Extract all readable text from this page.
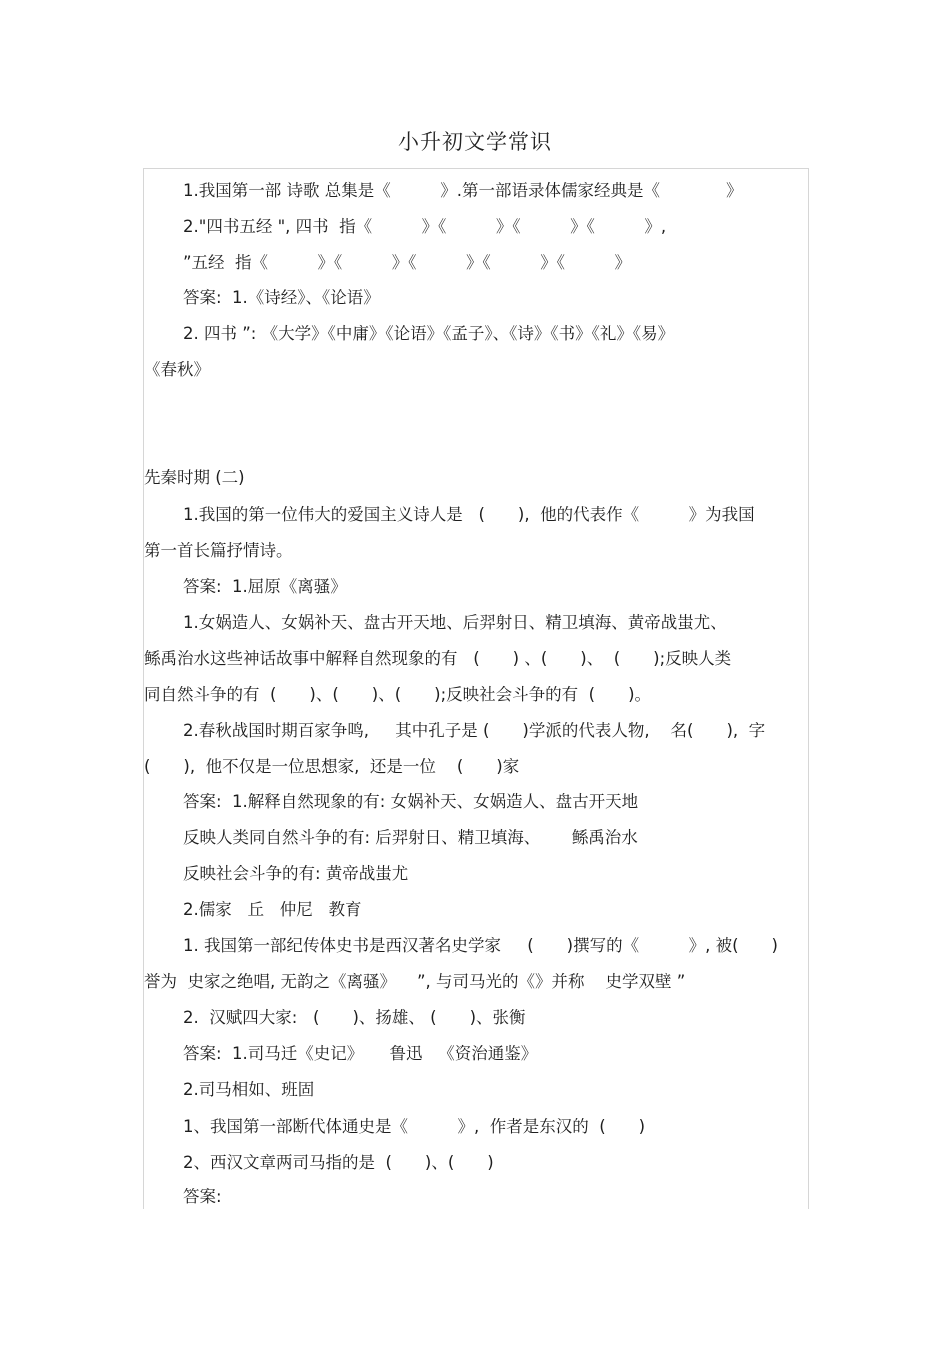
小升初文学常识
1.我国第一部 诗歌 总集是《　　　》.第一部语录体儒家经典是《　　　　》
2."四书五经 ", 四书  指《　　　》《　　　》《　　　》《　　　》,
”五经  指《　　　》《　　　》《　　　》《　　　》《　　　》
答案:  1.《诗经》、《论语》
2. 四书 ”: 《大学》《中庸》《论语》《孟子》、《诗》《书》《礼》《易》
《春秋》
先秦时期 (二)
1.我国的第一位伟大的爱国主义诗人是   (　　),  他的代表作《　　　》为我国
第一首长篇抒情诗。
答案:  1.屈原《离骚》
1.女娲造人、女娲补天、盘古开天地、后羿射日、精卫填海、黄帝战蚩尤、
鲧禹治水这些神话故事中解释自然现象的有   (　　) 、(　　)、  (　　);反映人类
同自然斗争的有  (　　)、(　　)、(　　);反映社会斗争的有  (　　)。
2.春秋战国时期百家争鸣,     其中孔子是 (　　)学派的代表人物,    名(　　),  字
(　　),  他不仅是一位思想家,  还是一位    (　　)家
答案:  1.解释自然现象的有: 女娲补天、女娲造人、盘古开天地
反映人类同自然斗争的有: 后羿射日、精卫填海、      鲧禹治水
反映社会斗争的有: 黄帝战蚩尤
2.儒家   丘   仲尼   教育
1. 我国第一部纪传体史书是西汉著名史学家     (　　)撰写的《　　　》, 被(　　)
誉为  史家之绝唱, 无韵之《离骚》    ”, 与司马光的《》并称    史学双壁 ”
2.  汉赋四大家:   (　　)、扬雄、 (　　)、张衡
答案:  1.司马迁《史记》     鲁迅   《资治通鉴》
2.司马相如、班固
1、我国第一部断代体通史是《　　　》,  作者是东汉的  (　　)
2、西汉文章两司马指的是  (　　)、(　　)
答案:
